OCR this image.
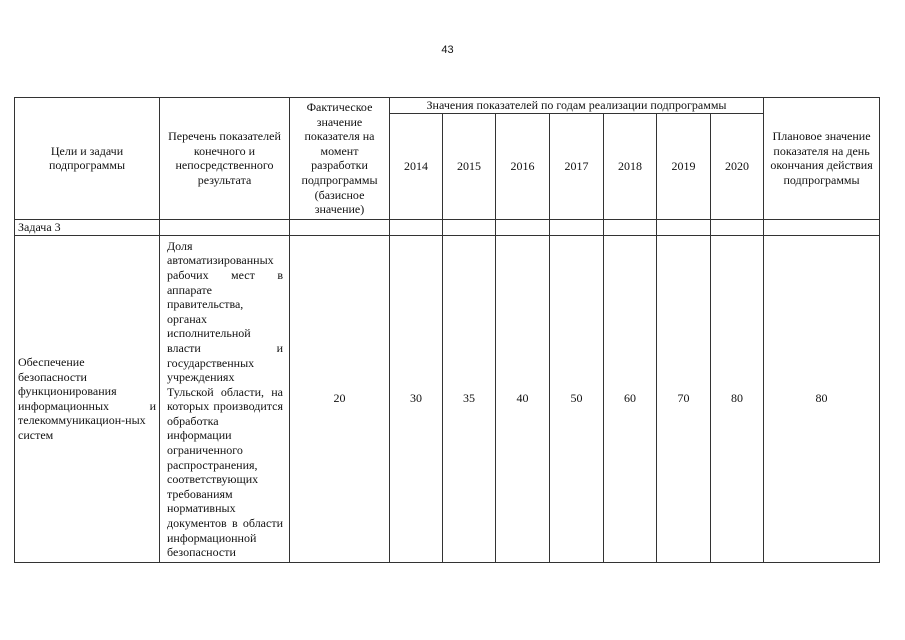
43
Цели и задачи подпрограммы	Перечень показателей конечного и непосредственного результата	Фактическое значение показателя на момент разработки подпрограммы (базисное значение)	Значения показателей по годам реализации подпрограммы							Плановое значение показателя на день окончания действия подпрограммы
			2014	2015	2016	2017	2018	2019	2020	
Задача 3										
Обеспечение безопасности функционирования информационных и телекоммуникацион-ных систем	Доля автоматизированных рабочих мест в аппарате правительства, органах исполнительной власти и государственных учреждениях Тульской области, на которых производится обработка информации ограниченного распространения, соответствующих требованиям нормативных документов в области информационной безопасности	20	30	35	40	50	60	70	80	80
